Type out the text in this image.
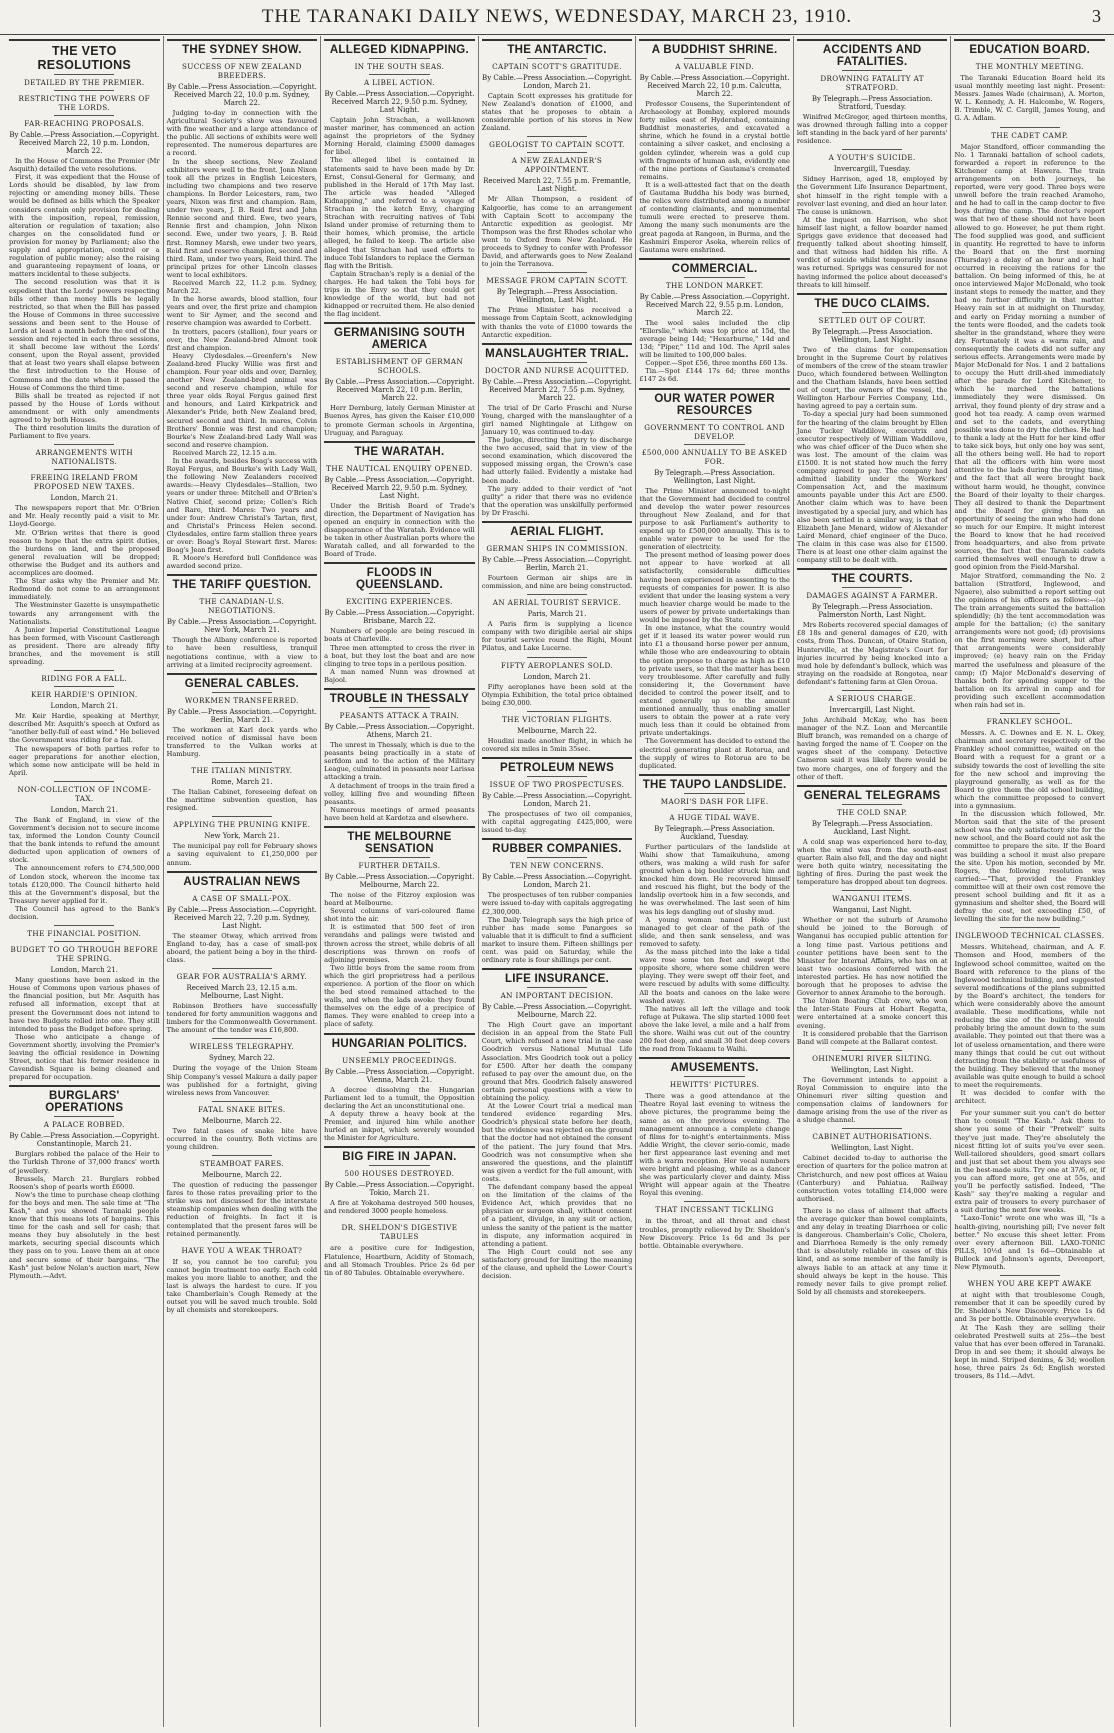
THE TARANAKI DAILY NEWS, WEDNESDAY, MARCH 23, 1910.	3
THE VETO RESOLUTIONS
DETAILED BY THE PREMIER.
RESTRICTING THE POWERS OF THE LORDS.
FAR-REACHING PROPOSALS.
By Cable.—Press Association.—Copyright. Received March 22, 10 p.m. London, March 22.

In the House of Commons the Premier (Mr Asquith) detailed the veto resolutions.

First, it was expedient that the House of Lords should be disabled, by law from rejecting or amending money bills. These would be defined as bills which the Speaker considers contain only provision for dealing with the imposition, repeal, remission, alteration or regulation of taxation; also charges on the consolidated fund or provision for money by Parliament; also the supply and appropriation, control or a regulation of public money; also the raising and guaranteeing repayment of loans, or matters incidental to these subjects.

The second resolution was that it is expedient that the Lords' powers respecting bills other than money bills be legally restricted, so that when the Bill has passed the House of Commons in three successive sessions and been sent to the House of Lords at least a month before the end of the session and rejected in each three sessions, it shall become law without the Lords' consent, upon the Royal assent, provided that at least two years shall elapse between the first introduction to the House of Commons and the date when it passed the House of Commons the third time.

Bills shall be treated as rejected if not passed by the House of Lords without amendment or with only amendments agreed to by both Houses.

The third resolution limits the duration of Parliament to five years.

ARRANGEMENTS WITH NATIONALISTS.
FREEING IRELAND FROM PROPOSED NEW TAXES.
London, March 21.

The newspapers report that Mr. O'Brien and Mr. Healy recently paid a visit to Mr. Lloyd-George.

Mr. O'Brien writes that there is good reason to hope that the extra spirit duties, the burdens on land, and the proposed general revaluation will be dropped; otherwise the Budget and its authors and accomplices are doomed.

The Star asks why the Premier and Mr. Redmond do not come to an arrangement immediately.

The Westminster Gazette is unsympathetic towards any arrangement with the Nationalists.

A Junior Imperial Constitutional League has been formed, with Viscount Castlereagh as president. There are already fifty branches, and the movement is still spreading.

RIDING FOR A FALL.
KEIR HARDIE'S OPINION.
London, March 21.

Mr. Keir Hardie, speaking at Merthyr, described Mr. Asquith's speech at Oxford as "another belly-full of east wind." He believed the Government was riding for a fall.

The newspapers of both parties refer to eager preparations for another election, which some now anticipate will be held in April.

NON-COLLECTION OF INCOME-TAX.
London, March 21.

The Bank of England, in view of the Government's decision not to secure income tax, informed the London County Council that the bank intends to refund the amount deducted upon application of owners of stock.

The announcement refers to £74,500,000 of London stock, whereon the income tax totals £120,000. The Council hitherto held this at the Government's disposal, but the Treasury never applied for it.

The Council has agreed to the Bank's decision.

THE FINANCIAL POSITION.
BUDGET TO GO THROUGH BEFORE THE SPRING.
London, March 21.

Many questions have been asked in the House of Commons upon various phases of the financial position, but Mr. Asquith has refused all information, except that at present the Government does not intend to have two Budgets rolled into one. They still intended to pass the Budget before spring.

Those who anticipate a change of Government shortly, involving the Premier's leaving the official residence in Downing Street, notice that his former residence in Cavendish Square is being cleaned and prepared for occupation.

BURGLARS' OPERATIONS
A PALACE ROBBED.
By Cable.—Press Association.—Copyright. Constantinople, March 21.

Burglars robbed the palace of the Heir to the Turkish Throne of 37,000 francs' worth of jewellery.

Brussels, March 21. Burglars robbed Roosen's shop of pearls worth £6000.

Now's the time to purchase cheap clothing for the boys and men. The sale time at "The Kash," and you showed Taranaki people know that this means lots of bargains. This time for the cash and sell for cash; that means they buy absolutely in the best markets, securing special discounts which they pass on to you. Leave them an at once and secure some of their bargains. "The Kash" just below Nolan's auction mart, New Plymouth.—Advt.

THE SYDNEY SHOW.
SUCCESS OF NEW ZEALAND BREEDERS.
By Cable.—Press Association.—Copyright. Received March 22, 10.0 p.m. Sydney, March 22.

Judging to-day in connection with the Agricultural Society's show was favoured with fine weather and a large attendance of the public. All sections of exhibits were well represented. The numerous departures are a record.

In the sheep sections, New Zealand exhibitors were well to the front. Jonn Nixon took all the prizes in English Leicesters, including two champions and two reserve champions. In Border Leicesters, ram, two years, Nixon was first and champion. Ram, under two years, J. B. Reid first and John Rennie second and third. Ewe, two years, Rennie first and champion, John Nixon second. Ewe, under two years, J. B. Reid first. Romney Marsh, ewe under two years, Reid first and reserve champion, second and third. Ram, under two years, Reid third. The principal prizes for other Lincoln classes went to local exhibitors.

Received March 22, 11.2 p.m. Sydney, March 22.

In the horse awards, blood stallion, four years and over, the first prize and champion went to Sir Aymer, and the second and reserve champion was awarded to Corbett.

In trotters, pacers (stallion), four years or over, the New Zealand-bred Almont took first and champion.

Heavy Clydesdales.—Greenfern's New Zealand-bred Flucky Willie was first and champion. Four year olds and over, Darnley, another New Zealand-bred animal was second and reserve champion, while for three year olds Royal Fergus gained first and honours, and Laird Kirkpatrick and Alexander's Pride, both New Zealand bred, secured second and third. In mares, Colvin Brothers' Bonnie was first and champion; Bourke's New Zealand-bred Lady Wall was second and reserve champion.

Received March 22, 12.15 a.m.

In the awards, besides Boag's success with Royal Fergus, and Bourke's with Lady Wall, the following New Zealanders received awards:—Heavy Clydesdales—Stallion, two years or under three: Mitchell and O'Brien's Native Chief, second prize; Collen's Rich and Rare, third. Mares: Two years and under four: Andrew Christal's Tartan, first, and Christal's Princess Helen second. Clydesdales, entire farm stallion three years or over: Boag's Royal Stewart first. Mares: Boag's Jean first.

R. Moore's Hereford bull Confidence was awarded second prize.

THE TARIFF QUESTION.
THE CANADIAN-U.S. NEGOTIATIONS.
By Cable.—Press Association.—Copyright. New York, March 21.

Though the Albany conference is reported to have been resultless, tranquil negotiations continue, with a view to arriving at a limited reciprocity agreement.

GENERAL CABLES.
WORKMEN TRANSFERRED.
By Cable.—Press Association.—Copyright. Berlin, March 21.

The workmen at Karl dock yards who received notice of dismissal have been transferred to the Vulkan works at Hamburg.

THE ITALIAN MINISTRY.
Rome, March 21.

The Italian Cabinet, foreseeing defeat on the maritime subvention question, has resigned.

APPLYING THE PRUNING KNIFE.
New York, March 21.

The municipal pay roll for February shows a saving equivalent to £1,250,000 per annum.

AUSTRALIAN NEWS
A CASE OF SMALL-POX.
By Cable.—Press Association.—Copyright. Received March 22, 7.20 p.m. Sydney, Last Night.

The steamer Otway, which arrived from England to-day, has a case of small-pox aboard, the patient being a boy in the third-class.

GEAR FOR AUSTRALIA'S ARMY.
Received March 23, 12.15 a.m. Melbourne, Last Night.

Robinson Brothers have successfully tendered for forty ammunition waggons and limbers for the Commonwealth Government. The amount of the tender was £16,800.

WIRELESS TELEGRAPHY.
Sydney, March 22.

During the voyage of the Union Steam Ship Company's vessel Makura a daily paper was published for a fortnight, giving wireless news from Vancouver.

FATAL SNAKE BITES.
Melbourne, March 22.

Two fatal cases of snake bite have occurred in the country. Both victims are young children.

STEAMBOAT FARES.
Melbourne, March 22.

The question of reducing the passenger fares to those rates prevailing prior to the strike was not discussed for the interstate steamship companies when dealing with the reduction of freights. In fact it is contemplated that the present fares will be retained permanently.

HAVE YOU A WEAK THROAT?

If so, you cannot be too careful; you cannot begin treatment too early. Each cold makes you more liable to another, and the last is always the hardest to cure. If you take Chamberlain's Cough Remedy at the outset you will be saved much trouble. Sold by all chemists and storekeepers.

ALLEGED KIDNAPPING.
IN THE SOUTH SEAS.
A LIBEL ACTION.
By Cable.—Press Association.—Copyright. Received March 22, 9.50 p.m. Sydney, Last Night.

Captain John Strachan, a well-known master mariner, has commenced an action against the proprietors of the Sydney Morning Herald, claiming £5000 damages for libel.

The alleged libel is contained in statements said to have been made by Dr. Ernst, Consul-General for Germany, and published in the Herald of 17th May last. The article was headed "Alleged Kidnapping," and referred to a voyage of Strachan in the ketch Envy, charging Strachan with recruiting natives of Tobi Island under promise of returning them to their homes, which promise, the article alleged, he failed to keep. The article also alleged that Strachan had used efforts to induce Tobi Islanders to replace the German flag with the British.

Captain Strachan's reply is a denial of the charges. He had taken the Tobi boys for trips in the Envy so that they could get knowledge of the world, but had not kidnapped or recruited them. He also denied the flag incident.

GERMANISING SOUTH AMERICA
ESTABLISHMENT OF GERMAN SCHOOLS.
By Cable.—Press Association.—Copyright. Received March 22, 10 p.m. Berlin, March 22.

Herr Dernburg, lately German Minister at Buenos Ayres, has given the Kaiser £10,000 to promote German schools in Argentina, Uruguay, and Paraguay.

THE WARATAH.
THE NAUTICAL ENQUIRY OPENED.
By Cable.—Press Association.—Copyright. Received March 22, 9.50 p.m. Sydney, Last Night.

Under the British Board of Trade's direction, the Department of Navigation has opened an enquiry in connection with the disappearance of the Waratah. Evidence will be taken in other Australian ports where the Waratah called, and all forwarded to the Board of Trade.

FLOODS IN QUEENSLAND.
EXCITING EXPERIENCES.
By Cable.—Press Association.—Copyright. Brisbane, March 22.

Numbers of people are being rescued in boats at Charleville.

Three men attempted to cross the river in a boat, but they lost the boat and are now clinging to tree tops in a perilous position.

A man named Nunn was drowned at Bajool.

TROUBLE IN THESSALY
PEASANTS ATTACK A TRAIN.
By Cable.—Press Association.—Copyright. Athens, March 21.

The unrest in Thessaly, which is due to the peasants being practically in a state of serfdom and to the action of the Military League, culminated in peasants near Larissa attacking a train.

A detachment of troops in the train fired a volley, killing five and wounding fifteen peasants.

Numerous meetings of armed peasants have been held at Kardetza and elsewhere.

THE MELBOURNE SENSATION
FURTHER DETAILS.
By Cable.—Press Association.—Copyright. Melbourne, March 22.

The noise of the Fitzroy explosion was heard at Melbourne.

Several columns of vari-coloured flame shot into the air.

It is estimated that 500 feet of iron verandahs and palings were twisted and thrown across the street, while debris of all descriptions was thrown on roofs of adjoining premises.

Two little boys from the same room from which the girl proprietress had a perilous experience. A portion of the floor on which the bed stood remained attached to the walls, and when the lads awoke they found themselves on the edge of a precipice of flames. They were enabled to creep into a place of safety.

HUNGARIAN POLITICS.
UNSEEMLY PROCEEDINGS.
By Cable.—Press Association.—Copyright. Vienna, March 21.

A decree dissolving the Hungarian Parliament led to a tumult, the Opposition declaring the Act an unconstitutional one.

A deputy threw a heavy book at the Premier, and injured him while another hurled an inkpot, which severely wounded the Minister for Agriculture.

BIG FIRE IN JAPAN.
500 HOUSES DESTROYED.
By Cable.—Press Association.—Copyright. Tokio, March 21.

A fire at Yokohama destroyed 500 houses, and rendered 3000 people homeless.

DR. SHELDON'S DIGESTIVE TABULES

are a positive cure for Indigestion, Flatulence, Heartburn, Acidity of Stomach, and all Stomach Troubles. Price 2s 6d per tin of 80 Tabules. Obtainable everywhere.

THE ANTARCTIC.
CAPTAIN SCOTT'S GRATITUDE.
By Cable.—Press Association.—Copyright. London, March 21.

Captain Scott expresses his gratitude for New Zealand's donation of £1000, and states that he proposes to obtain a considerable portion of his stores in New Zealand.

GEOLOGIST TO CAPTAIN SCOTT.
A NEW ZEALANDER'S APPOINTMENT.
Received March 22, 7.55 p.m. Fremantle, Last Night.

Mr Allan Thompson, a resident of Kalgoorlie, has come to an arrangement with Captain Scott to accompany the Antarctic expedition as geologist. Mr Thompson was the first Rhodes scholar who went to Oxford from New Zealand. He proceeds to Sydney to confer with Professor David, and afterwards goes to New Zealand to join the Terranova.

MESSAGE FROM CAPTAIN SCOTT.
By Telegraph.—Press Association. Wellington, Last Night.

The Prime Minister has received a message from Captain Scott, acknowledging with thanks the vote of £1000 towards the Antarctic expedition.

MANSLAUGHTER TRIAL.
DOCTOR AND NURSE ACQUITTED.
By Cable.—Press Association.—Copyright. Received March 22, 7.55 p.m. Sydney, March 22.

The trial of Dr Carlo Fraschi and Nurse Young, charged with the manslaughter of a girl named Nightingale at Lithgow on January 10, was continued to-day.

The Judge, directing the jury to discharge the two accused, said that in view of the second examination, which discovered the supposed missing organ, the Crown's case had utterly failed. Evidently a mistake had been made.

The jury added to their verdict of "not guilty" a rider that there was no evidence that the operation was unskilfully performed by Dr Fraschi.

AERIAL FLIGHT.
GERMAN SHIPS IN COMMISSION.
By Cable.—Press Association.—Copyright. Berlin, March 21.

Fourteen German air ships are in commission, and nine are being constructed.

AN AERIAL TOURIST SERVICE.
Paris, March 21.

A Paris firm is supplying a licence company with two dirigible aerial air ships for tourist service round the Righi, Mount Pilatus, and Lake Lucerne.

FIFTY AEROPLANES SOLD.
London, March 21.

Fifty aeroplanes have been sold at the Olympia Exhibition, the total price obtained being £30,000.

THE VICTORIAN FLIGHTS.
Melbourne, March 22.

Houdini made another flight, in which he covered six miles in 5min 35sec.

PETROLEUM NEWS
ISSUE OF TWO PROSPECTUSES.
By Cable.—Press Association.—Copyright. London, March 21.

The prospectuses of two oil companies, with capital aggregating £425,000, were issued to-day.

RUBBER COMPANIES.
TEN NEW CONCERNS.
By Cable.—Press Association.—Copyright. London, March 21.

The prospectuses of ten rubber companies were issued to-day with capitals aggregating £2,300,000.

The Daily Telegraph says the high price of rubber has made some Panargoes so valuable that it is difficult to find a sufficient market to insure them. Fifteen shillings per cent. was paid on Saturday, while the ordinary rate is four shillings per cent.

LIFE INSURANCE.
AN IMPORTANT DECISION.
By Cable.—Press Association.—Copyright. Melbourne, March 22.

The High Court gave an important decision in an appeal from the State Full Court, which refused a new trial in the case Goodrich versus National Mutual Life Association. Mrs Goodrich took out a policy for £500. After her death the company refused to pay over the amount due, on the ground that Mrs. Goodrich falsely answered certain personal questions with a view to obtaining the policy.

At the Lower Court trial a medical man tendered evidence regarding Mrs. Goodrich's physical state before her death, but the evidence was rejected on the ground that the doctor had not obtained the consent of the patient. The jury found that Mrs. Goodrich was not consumptive when she answered the questions, and the plaintiff was given a verdict for the full amount, with costs.

The defendant company based the appeal on the limitation of the claims of the Evidence Act, which provides that no physician or surgeon shall, without consent of a patient, divulge, in any suit or action, unless the sanity of the patient is the matter in dispute, any information acquired in attending a patient.

The High Court could not see any satisfactory ground for limiting the meaning of the clause, and upheld the Lower Court's decision.

A BUDDHIST SHRINE.
A VALUABLE FIND.
By Cable.—Press Association.—Copyright. Received March 22, 10 p.m. Calcutta, March 22.

Professor Cousens, the Superintendent of Archaeology at Bombay, explored mounds forty miles east of Hyderabad, containing Buddhist monasteries, and excavated a shrine, which he found in a crystal bottle containing a silver casket, and enclosing a golden cylinder, wherein was a gold cup with fragments of human ash, evidently one of the nine portions of Gautama's cremated remains.

It is a well-attested fact that on the death of Gautama Buddha his body was burned, the relics were distributed among a number of contending claimants, and monumental tumuli were erected to preserve them. Among the many such monuments are the great pagoda at Rangoon, in Burma, and the Kashmiri Emperor Asoka, wherein relics of Gautama were enshrined.

COMMERCIAL.
THE LONDON MARKET.
By Cable.—Press Association.—Copyright. Received March 22, 9.55 p.m. London, March 22.

The wool sales included the clip "Ellerslie," which was top price at 15d, the average being 14d; "Hexarburne," 14d and 13d; "Piper," 11d and 10d. The April sales will be limited to 100,000 bales.

Copper.—Spot £56, three months £60 13s.

Tin.—Spot £144 17s 6d; three months £147 2s 6d.

OUR WATER POWER RESOURCES
GOVERNMENT TO CONTROL AND DEVELOP.
£500,000 ANNUALLY TO BE ASKED FOR.
By Telegraph.—Press Association. Wellington, Last Night.

The Prime Minister announced to-night that the Government had decided to control and develop the water power resources throughout New Zealand, and for that purpose to ask Parliament's authority to expend up to £500,000 annually. This is to enable water power to be used for the generation of electricity.

The present method of leasing power does not appear to have worked at all satisfactorily, considerable difficulties having been experienced in assenting to the requests of companies for power. It is also evident that under the leasing system a very much heavier charge would be made to the users of power by private undertakings than would be imposed by the State.

In one instance, what the country would get if it leased its water power would run into £1 a thousand horse power per annum, while those who are endeavouring to obtain the option propose to charge as high as £10 to private users, so that the matter has been very troublesome. After carefully and fully considering it, the Government have decided to control the power itself, and to extend generally up to the amount mentioned annually, thus enabling smaller users to obtain the power at a rate very much less than it could be obtained from private undertakings.

The Government has decided to extend the electrical generating plant at Rotorua, and the supply of wires to Rotorua are to be duplicated.

THE TAUPO LANDSLIDE.
MAORI'S DASH FOR LIFE.
A HUGE TIDAL WAVE.
By Telegraph.—Press Association. Auckland, Tuesday.

Further particulars of the landslide at Waihi show that Tamaikuhuna, among others, was making a wild rush for safer ground when a big boulder struck him and knocked him down. He recovered himself and rescued his flight, but the body of the landslip overtook him in a few seconds, and he was overwhelmed. The last seen of him was his legs dangling out of slushy mud.

A young woman named Hoko just managed to get clear of the path of the slide, and then sank senseless, and was removed to safety.

As the mass pitched into the lake a tidal wave rose some ten feet and swept the opposite shore, where some children were playing. They were swept off their feet, and were rescued by adults with some difficulty. All the boats and canoes on the lake were washed away.

The natives all left the village and took refuge at Pukawa. The slip started 1000 feet above the lake level, a mile and a half from the shore. Waihi was cut out of the country 200 feet deep, and small 30 feet deep covers the road from Tokaanu to Waihi.

AMUSEMENTS.
HEWITTS' PICTURES.

There was a good attendance at the Theatre Royal last evening to witness the above pictures, the programme being the same as on the previous evening. The management announce a complete change of films for to-night's entertainments. Miss Addie Wright, the clever serio-comic, made her first appearance last evening and met with a warm reception. Her vocal numbers were bright and pleasing, while as a dancer she was particularly clever and dainty. Miss Wright will appear again at the Theatre Royal this evening.

THAT INCESSANT TICKLING

in the throat, and all throat and chest troubles, promptly relieved by Dr. Sheldon's New Discovery. Price 1s 6d and 3s per bottle. Obtainable everywhere.

ACCIDENTS AND FATALITIES.
DROWNING FATALITY AT STRATFORD.
By Telegraph.—Press Association. Stratford, Tuesday.

Winifred McGregor, aged thirteen months, was drowned through falling into a copper left standing in the back yard of her parents' residence.

A YOUTH'S SUICIDE.
Invercargill, Tuesday.

Sidney Harrison, aged 18, employed by the Government Life Insurance Department, shot himself in the right temple with a revolver last evening, and died an hour later. The cause is unknown.

At the inquest on Harrison, who shot himself last night, a fellow boarder named Spriggs gave evidence that deceased had frequently talked about shooting himself, and that witness had hidden his rifle. A verdict of suicide whilst temporarily insane was returned. Spriggs was censured for not having informed the police about deceased's threats to kill himself.

THE DUCO CLAIMS.
SETTLED OUT OF COURT.
By Telegraph.—Press Association. Wellington, Last Night.

Two of the claims for compensation brought in the Supreme Court by relatives of members of the crew of the steam trawler Duco, which foundered between Wellington and the Chatham Islands, have been settled out of court, the owners of the vessel, the Wellington Harbour Ferries Company, Ltd., having agreed to pay a certain sum.

To-day a special jury had been summoned for the hearing of the claim brought by Ellen Jane Tucker Waddilove, executrix and executor respectively of William Waddilove, who was chief officer of the Duco when she was lost. The amount of the claim was £1500. It is not stated how much the ferry company agreed to pay. The company had admitted liability under the Workers' Compensation Act, and the maximum amounts payable under this Act are £500. Another claim which was to have been investigated by a special jury, and which has also been settled in a similar way, is that of Elizabeth Jane Menard, widow of Alexander Laird Menard, chief engineer of the Duco. The claim in this case was also for £1500. There is at least one other claim against the company still to be dealt with.

THE COURTS.
DAMAGES AGAINST A FARMER.
By Telegraph.—Press Association. Palmerston North, Last Night.

Mrs Roberts recovered special damages of £8 18s and general damages of £20, with costs, from Thos. Duncan, of Otaire Station, Hunterville, at the Magistrate's Court for injuries incurred by being knocked into a mud hole by defendant's bullock, which was straying on the roadside at Rongotea, near defendant's fattening farm at Glen Oroua.

A SERIOUS CHARGE.
Invercargill, Last Night.

John Archibald McKay, who has been manager of the N.Z. Loan and Mercantile Bluff branch, was remanded on a charge of having forged the name of T. Cooper on the wages sheet of the company. Detective Cameron said it was likely there would be two more charges, one of forgery and the other of theft.

GENERAL TELEGRAMS
THE COLD SNAP.
By Telegraph.—Press Association. Auckland, Last Night.

A cold snap was experienced here to-day, when the wind was from the south-east quarter. Rain also fell, and the day and night were both quite wintry, necessitating the lighting of fires. During the past week the temperature has dropped about ten degrees.

WANGANUI ITEMS.
Wanganui, Last Night.

Whether or not the suburb of Aramoho should be joined to the Borough of Wanganui has occupied public attention for a long time past. Various petitions and counter petitions have been sent to the Minister for Internal Affairs, who has on at least two occasions conferred with the interested parties. He has now notified the borough that he proposes to advise the Governor to annex Aramoho to the borough.

The Union Boating Club crew, who won the Inter-State Fours at Hobart Regatta, were entertained at a smoke concert this evening.

It is considered probable that the Garrison Band will compete at the Ballarat contest.

OHINEMURI RIVER SILTING.
Wellington, Last Night.

The Government intends to appoint a Royal Commission to enquire into the Ohinemuri river silting question and compensation claims of landowners for damage arising from the use of the river as a sludge channel.

CABINET AUTHORISATIONS.
Wellington, Last Night.

Cabinet decided to-day to authorise the erection of quarters for the police matron at Christchurch, and new post offices at Waiau (Canterbury) and Pahiatua. Railway construction votes totalling £14,000 were authorised.

There is no class of ailment that affects the average quicker than bowel complaints, and any delay in treating Diarrhoea or colic is dangerous. Chamberlain's Colic, Cholera, and Diarrhoea Remedy is the only remedy that is absolutely reliable in cases of this kind, and as some member of the family is always liable to an attack at any time it should always be kept in the house. This remedy never fails to give prompt relief. Sold by all chemists and storekeepers.

EDUCATION BOARD.
THE MONTHLY MEETING.

The Taranaki Education Board held its usual monthly meeting last night. Present: Messrs. James Wade (chairman), A. Morton, W. L. Kennedy, A. H. Halcombe, W. Rogers, B. Trimble, W. C. Cargill, James Young, and G. A. Adlam.

THE CADET CAMP.

Major Standford, officer commanding the No. 1 Taranaki battalion of school cadets, forwarded a report in reference to the Kitchener camp at Hawera. The train arrangements on both journeys, he reported, were very good. Three boys were unwell before the train reached Aramoho, and he had to call in the camp doctor to five boys during the camp. The doctor's report was that two of these should not have been allowed to go. However, he put them right. The food supplied was good, and sufficient in quantity. He regretted to have to inform the Board that on the first morning (Thursday) a delay of an hour and a half occurred in receiving the rations for the battalion. On being informed of this, he at once interviewed Major McDonald, who took instant steps to remedy the matter, and they had no further difficulty in that matter. Heavy rain set in at midnight on Thursday, and early on Friday morning a number of the tents were flooded, and the cadets took shelter in the grandstand, where they were dry. Fortunately it was a warm rain, and consequently the cadets did not suffer any serious effects. Arrangements were made by Major McDonald for Nos. 1 and 2 battalions to occupy the Hutt drill-shed immediately after the parade for Lord Kitchener, to which he marched the battalions immediately they were dismissed. On arrival, they found plenty of dry straw and a good hot tea ready. A camp oven warmed and set to the cadets, and everything possible was done to dry the clothes. He had to thank a lady at the Hutt for her kind offer to take sick boys, but only one boy was sent, all the others being well. He had to report that all the officers with him were most attentive to the lads during the trying time, and the fact that all were brought back without harm would, he thought, convince the Board of their loyalty to their charges. They all desired to thank the Department and the Board for giving them an opportunity of seeing the man who had done so much for our Empire. It might interest the Board to know that he had received from headquarters, and also from private sources, the fact that the Taranaki cadets carried themselves well enough to draw a good opinion from the Field-Marshal.

Major Stratford, commanding the No. 2 battalion (Stratford, Inglewood, and Ngaere), also submitted a report setting out the opinions of his officers as follows:—(a) The train arrangements suited the battalion splendidly; (b) the tent accommodation was ample for the battalion; (c) the sanitary arrangements were not good; (d) provisions on the first morning were short, but after that arrangements were considerably improved; (e) heavy rain on the Friday marred the usefulness and pleasure of the camp; (f) Major McDonald's deserving of thanks both for spending supper to the battalion on its arrival in camp and for providing such excellent accommodation when rain had set in.

FRANKLEY SCHOOL.

Messrs. A. C. Downes and E. N. L. Okey, chairman and secretary respectively of the Frankley school committee, waited on the Board with a request for a grant or a subsidy towards the cost of levelling the site for the new school and improving the playground generally, as well as for the Board to give them the old school building, which the committee proposed to convert into a gymnasium.

In the discussion which followed, Mr. Morton said that the site of the present school was the only satisfactory site for the new school, and the Board could not ask the committee to prepare the site. If the Board was building a school it must also prepare the site. Upon his motion, seconded by Mr. Rogers, the following resolution was carried:—"That, provided the Frankley committee will at their own cost remove the present school building and fit it as a gymnasium and shelter shed, the Board will defray the cost, not exceeding £50, of levelling the site for the new building."

INGLEWOOD TECHNICAL CLASSES.

Messrs. Whitehead, chairman, and A. F. Thomson and Hood, members of the Inglewood school committee, waited on the Board with reference to the plans of the Inglewood technical building, and suggested several modifications of the plans submitted by the Board's architect, the tenders for which were considerably above the amount available. These modifications, while not reducing the size of the building, would probably bring the amount down to the sum available. They pointed out that there was a lot of useless ornamentation, and there were many things that could be cut out without detracting from the stability or usefulness of the building. They believed that the money available was quite enough to build a school to meet the requirements.

It was decided to confer with the architect.

For your summer suit you can't do better than to consult "The Kash." Ask them to show you some of their "Pretwell" suits they've just made. They're absolutely the nicest fitting lot of suits you've ever seen. Well-tailored shoulders, good smart collars and just that set about them you always see in the best-made suits. Try one at 37/6, or, if you can afford more, get one at 55s, and you'll be perfectly satisfied. Indeed, "The Kash" say they're making a regular and extra pair of trousers to every purchaser of a suit during the next few weeks.

"Laxo-Tonic" wrote one who was ill, "Is a health-giving, nourishing pill; I've never felt better." No excuse this sheet letter. From over every afternoon Bill. LAXO-TONIC PILLS, 10½d and 1s 6d—Obtainable at Bullock and Johnson's agents, Devonport, New Plymouth.

WHEN YOU ARE KEPT AWAKE

at night with that troublesome Cough, remember that it can be speedily cured by Dr. Sheldon's New Discovery. Price 1s 6d and 3s per bottle. Obtainable everywhere.

At The Kash they are selling their celebrated Prestwell suits at 25s—the best value that has ever been offered in Taranaki. Drop in and see them; it should always be kept in mind. Striped denims, & 3d; woollen hose, three pairs 2s 6d; English worsted trousers, 8s 11d.—Advt.
